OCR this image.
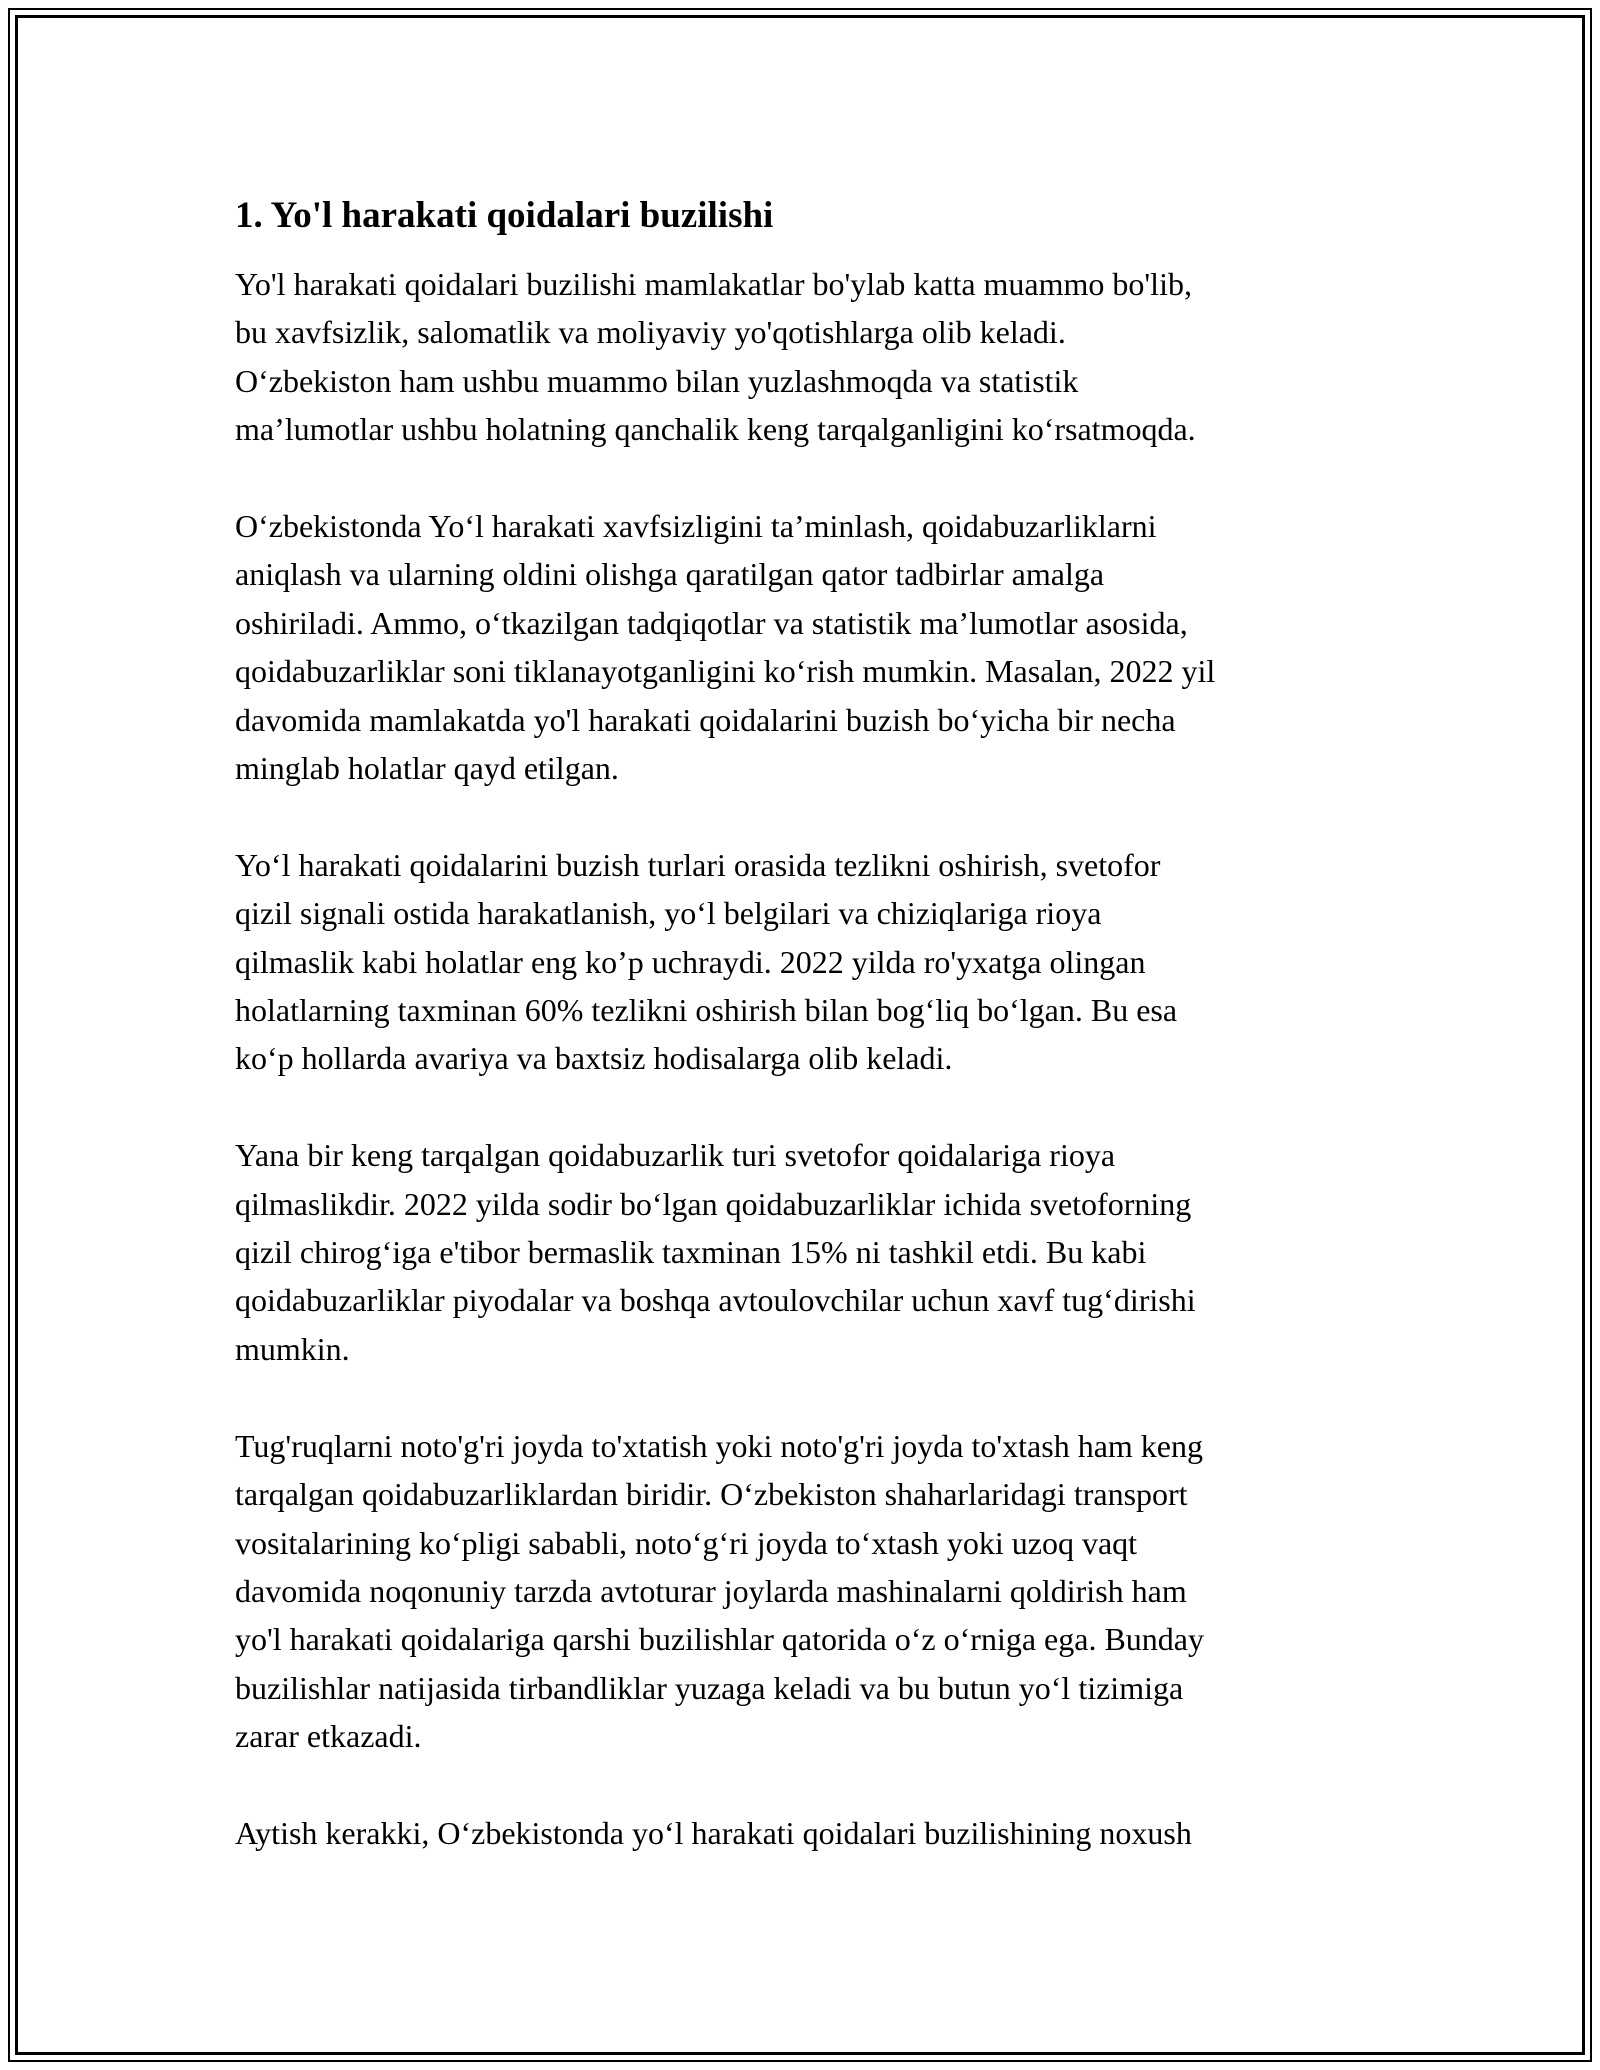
1. Yo'l harakati qoidalari buzilishi
Yo'l harakati qoidalari buzilishi mamlakatlar bo'ylab katta muammo bo'lib,
bu xavfsizlik, salomatlik va moliyaviy yo'qotishlarga olib keladi.
O‘zbekiston ham ushbu muammo bilan yuzlashmoqda va statistik
ma’lumotlar ushbu holatning qanchalik keng tarqalganligini ko‘rsatmoqda.
O‘zbekistonda Yo‘l harakati xavfsizligini ta’minlash, qoidabuzarliklarni
aniqlash va ularning oldini olishga qaratilgan qator tadbirlar amalga
oshiriladi. Ammo, o‘tkazilgan tadqiqotlar va statistik ma’lumotlar asosida,
qoidabuzarliklar soni tiklanayotganligini ko‘rish mumkin. Masalan, 2022 yil
davomida mamlakatda yo'l harakati qoidalarini buzish bo‘yicha bir necha
minglab holatlar qayd etilgan.
Yo‘l harakati qoidalarini buzish turlari orasida tezlikni oshirish, svetofor
qizil signali ostida harakatlanish, yo‘l belgilari va chiziqlariga rioya
qilmaslik kabi holatlar eng ko’p uchraydi. 2022 yilda ro'yxatga olingan
holatlarning taxminan 60% tezlikni oshirish bilan bog‘liq bo‘lgan. Bu esa
ko‘p hollarda avariya va baxtsiz hodisalarga olib keladi.
Yana bir keng tarqalgan qoidabuzarlik turi svetofor qoidalariga rioya
qilmaslikdir. 2022 yilda sodir bo‘lgan qoidabuzarliklar ichida svetoforning
qizil chirog‘iga e'tibor bermaslik taxminan 15% ni tashkil etdi. Bu kabi
qoidabuzarliklar piyodalar va boshqa avtoulovchilar uchun xavf tug‘dirishi
mumkin.
Tug'ruqlarni noto'g'ri joyda to'xtatish yoki noto'g'ri joyda to'xtash ham keng
tarqalgan qoidabuzarliklardan biridir. O‘zbekiston shaharlaridagi transport
vositalarining ko‘pligi sababli, noto‘g‘ri joyda to‘xtash yoki uzoq vaqt
davomida noqonuniy tarzda avtoturar joylarda mashinalarni qoldirish ham
yo'l harakati qoidalariga qarshi buzilishlar qatorida o‘z o‘rniga ega. Bunday
buzilishlar natijasida tirbandliklar yuzaga keladi va bu butun yo‘l tizimiga
zarar etkazadi.
Aytish kerakki, O‘zbekistonda yo‘l harakati qoidalari buzilishining noxush
